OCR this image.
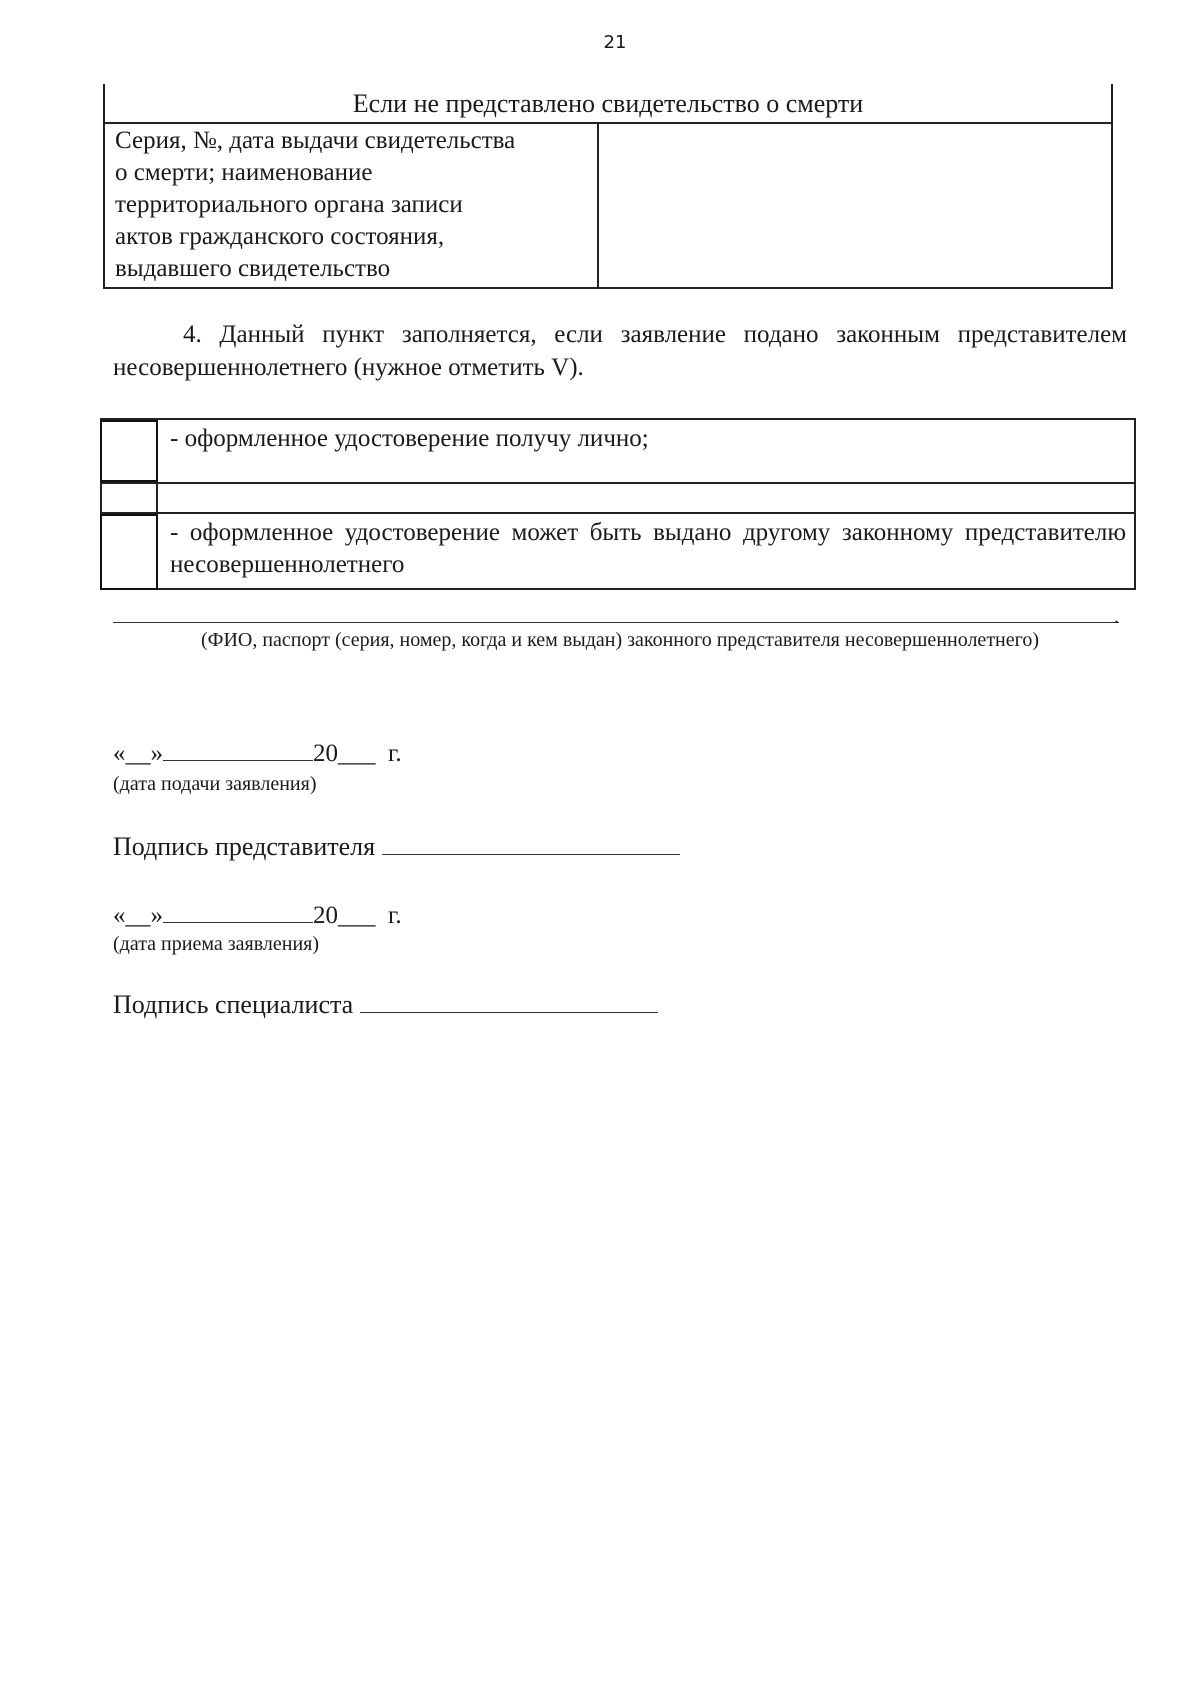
21
Если не представлено свидетельство о смерти
Серия, №, дата выдачи свидетельства
о смерти; наименование
территориального органа записи
актов гражданского состояния,
выдавшего свидетельство
4. Данный пункт заполняется, если заявление подано законным представителем несовершеннолетнего (нужное отметить V).
- оформленное удостоверение получу лично;
- оформленное удостоверение может быть выдано другому законному представителю несовершеннолетнего
.
(ФИО, паспорт (серия, номер, когда и кем выдан) законного представителя несовершеннолетнего)
«__»	20___ г.
(дата подачи заявления)
Подпись представителя
«__»	20___ г.
(дата приема заявления)
Подпись специалиста
